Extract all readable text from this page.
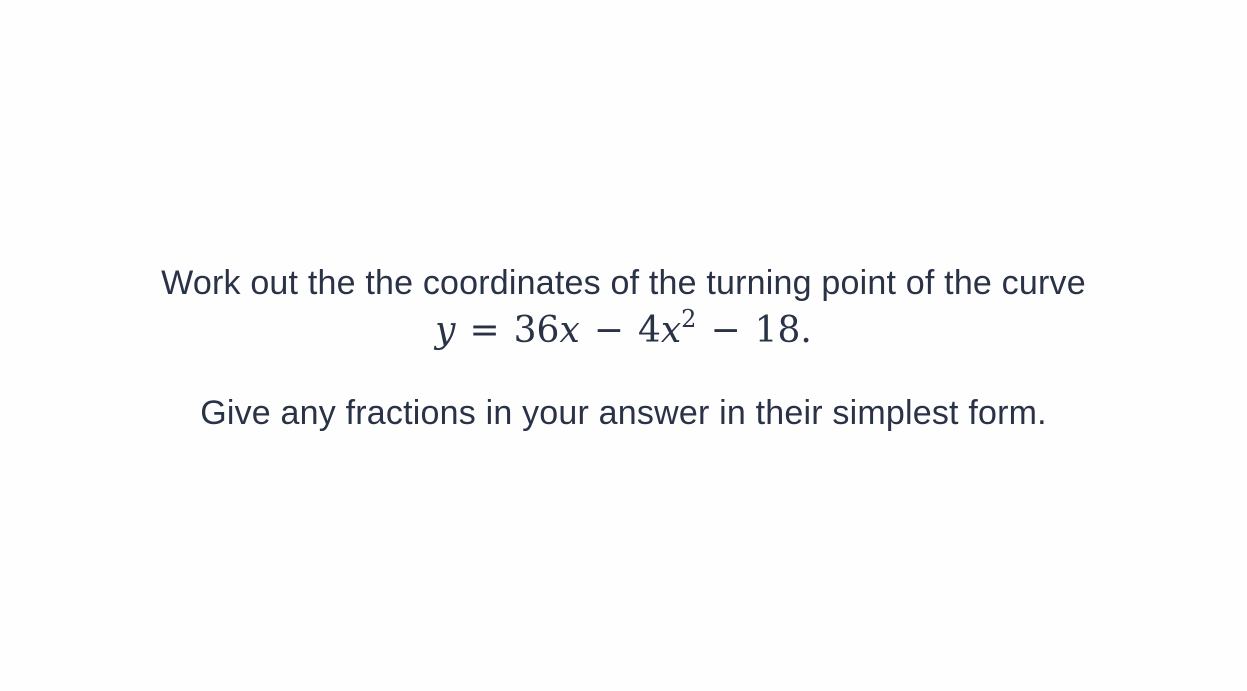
Work out the the coordinates of the turning point of the curve
$y = 36x - 4x^2 - 18$.
Give any fractions in your answer in their simplest form.
